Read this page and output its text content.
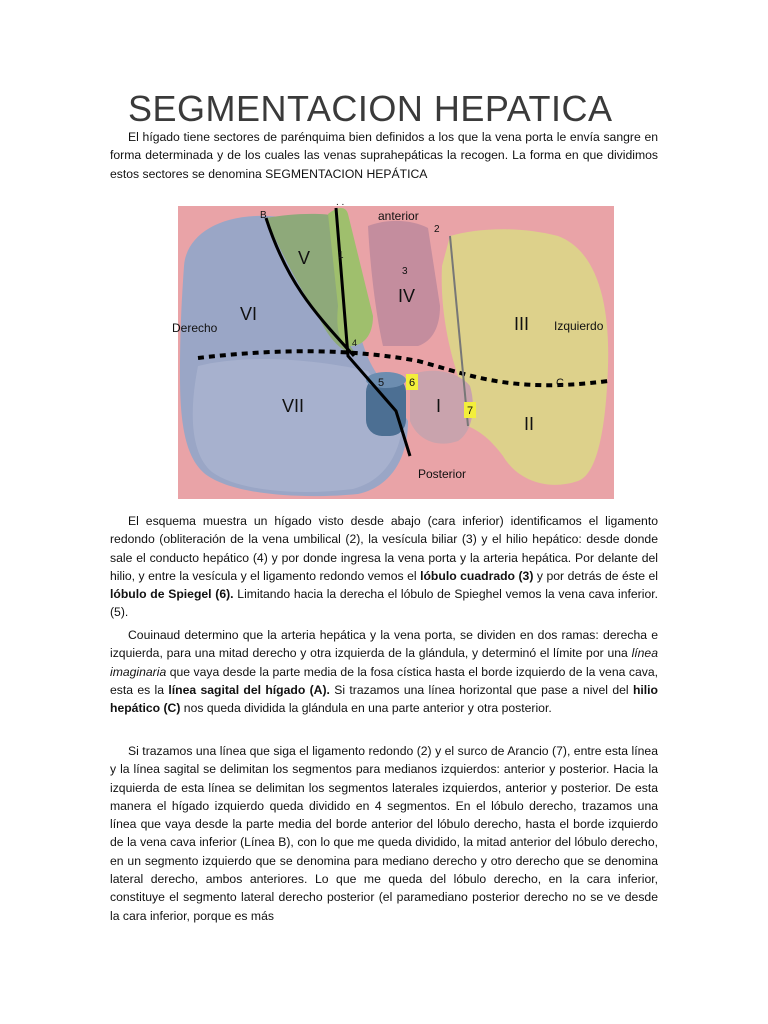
SEGMENTACION HEPATICA

El hígado tiene sectores de parénquima bien definidos a los que la vena porta le envía sangre en forma determinada y de los cuales las venas suprahepáticas la recogen. La forma en que dividimos estos sectores se denomina SEGMENTACION HEPÁTICA

B
. .
anterior
2
1
3
V
IV
VI	III Izquierdo
Derecho
4
5 6	C
VII	I 7
II
Posterior

El esquema muestra un hígado visto desde abajo (cara inferior) identificamos el ligamento redondo (obliteración de la vena umbilical (2), la vesícula biliar (3) y el hilio hepático: desde donde sale el conducto hepático (4) y por donde ingresa la vena porta y la arteria hepática. Por delante del hilio, y entre la vesícula y el ligamento redondo vemos el lóbulo cuadrado (3) y por detrás de éste el lóbulo de Spiegel (6). Limitando hacia la derecha el lóbulo de Spieghel vemos la vena cava inferior. (5).

Couinaud determino que la arteria hepática y la vena porta, se dividen en dos ramas: derecha e izquierda, para una mitad derecho y otra izquierda de la glándula, y determinó el límite por una línea imaginaria que vaya desde la parte media de la fosa cística hasta el borde izquierdo de la vena cava, esta es la línea sagital del hígado (A). Si trazamos una línea horizontal que pase a nivel del hilio hepático (C) nos queda dividida la glándula en una parte anterior y otra posterior.

Si trazamos una línea que siga el ligamento redondo (2) y el surco de Arancio (7), entre esta línea y la línea sagital se delimitan los segmentos para medianos izquierdos: anterior y posterior. Hacia la izquierda de esta línea se delimitan los segmentos laterales izquierdos, anterior y posterior. De esta manera el hígado izquierdo queda dividido en 4 segmentos. En el lóbulo derecho, trazamos una línea que vaya desde la parte media del borde anterior del lóbulo derecho, hasta el borde izquierdo de la vena cava inferior (Línea B), con lo que me queda dividido, la mitad anterior del lóbulo derecho, en un segmento izquierdo que se denomina para mediano derecho y otro derecho que se denomina lateral derecho, ambos anteriores. Lo que me queda del lóbulo derecho, en la cara inferior, constituye el segmento lateral derecho posterior (el paramediano posterior derecho no se ve desde la cara inferior, porque es más
